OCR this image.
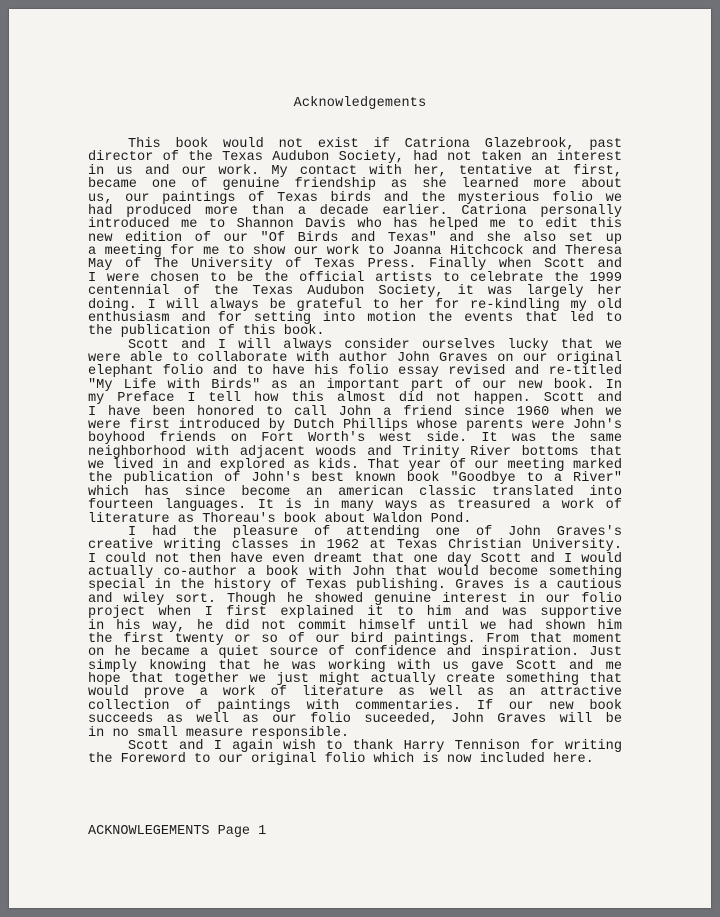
Acknowledgements
This book would not exist if Catriona Glazebrook, past
director of the Texas Audubon Society, had not taken an interest
in us and our work. My contact with her, tentative at first,
became one of genuine friendship as she learned more about
us, our paintings of Texas birds and the mysterious folio we
had produced more than a decade earlier. Catriona personally
introduced me to Shannon Davis who has helped me to edit this
new edition of our "Of Birds and Texas" and she also set up
a meeting for me to show our work to Joanna Hitchcock and Theresa
May of The University of Texas Press. Finally when Scott and
I were chosen to be the official artists to celebrate the 1999
centennial of the Texas Audubon Society, it was largely her
doing. I will always be grateful to her for re-kindling my old
enthusiasm and for setting into motion the events that led to
the publication of this book.
Scott and I will always consider ourselves lucky that we
were able to collaborate with author John Graves on our original
elephant folio and to have his folio essay revised and re-titled
"My Life with Birds" as an important part of our new book. In
my Preface I tell how this almost did not happen. Scott and
I have been honored to call John a friend since 1960 when we
were first introduced by Dutch Phillips whose parents were John's
boyhood friends on Fort Worth's west side. It was the same
neighborhood with adjacent woods and Trinity River bottoms that
we lived in and explored as kids. That year of our meeting marked
the publication of John's best known book "Goodbye to a River"
which has since become an american classic translated into
fourteen languages. It is in many ways as treasured a work of
literature as Thoreau's book about Waldon Pond.
I had the pleasure of attending one of John Graves's
creative writing classes in 1962 at Texas Christian University.
I could not then have even dreamt that one day Scott and I would
actually co-author a book with John that would become something
special in the history of Texas publishing. Graves is a cautious
and wiley sort. Though he showed genuine interest in our folio
project when I first explained it to him and was supportive
in his way, he did not commit himself until we had shown him
the first twenty or so of our bird paintings. From that moment
on he became a quiet source of confidence and inspiration. Just
simply knowing that he was working with us gave Scott and me
hope that together we just might actually create something that
would prove a work of literature as well as an attractive
collection of paintings with commentaries. If our new book
succeeds as well as our folio suceeded, John Graves will be
in no small measure responsible.
Scott and I again wish to thank Harry Tennison for writing
the Foreword to our original folio which is now included here.
ACKNOWLEGEMENTS Page 1
